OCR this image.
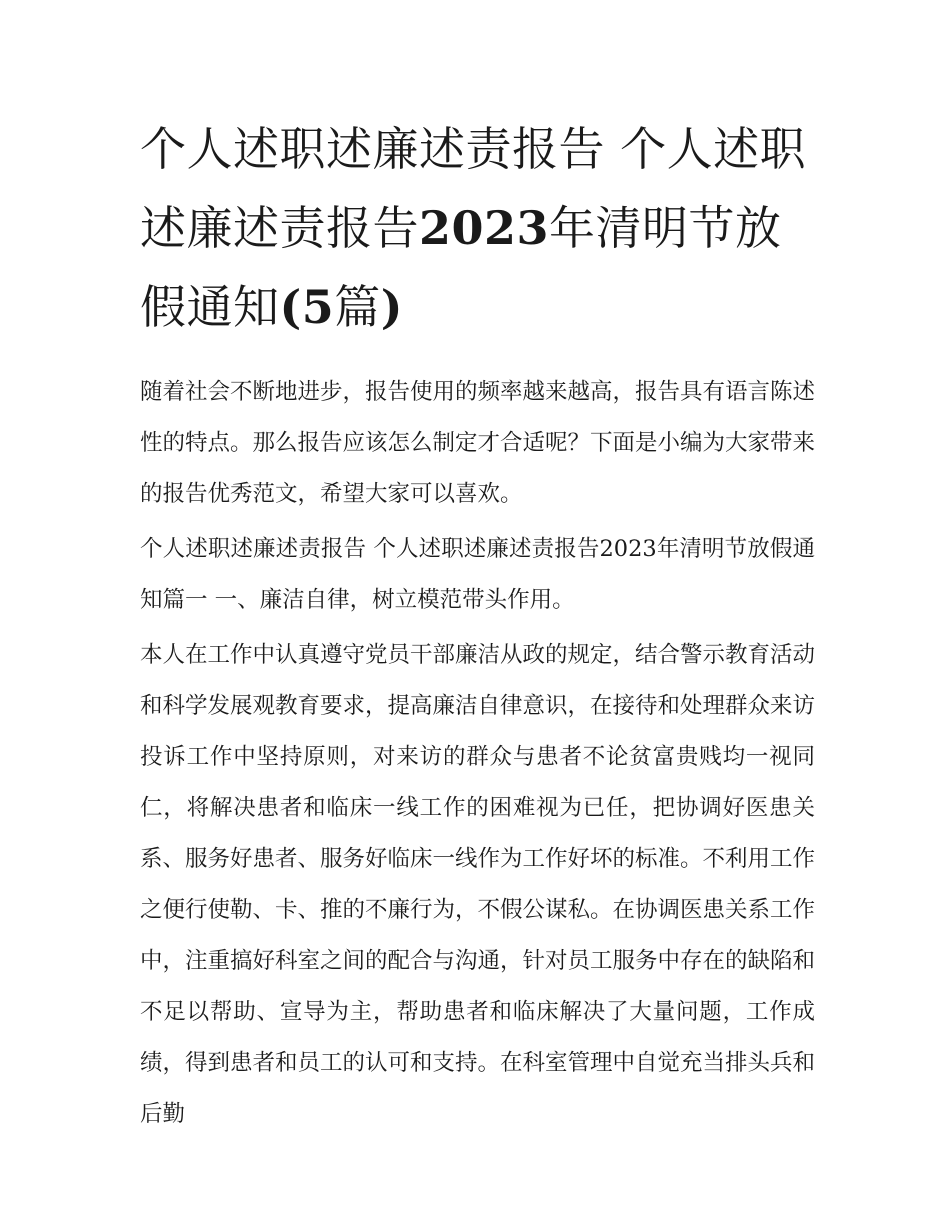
个人述职述廉述责报告 个人述职述廉述责报告2023年清明节放假通知(5篇)

随着社会不断地进步，报告使用的频率越来越高，报告具有语言陈述性的特点。那么报告应该怎么制定才合适呢？下面是小编为大家带来的报告优秀范文，希望大家可以喜欢。

个人述职述廉述责报告 个人述职述廉述责报告2023年清明节放假通知篇一 一、廉洁自律，树立模范带头作用。

本人在工作中认真遵守党员干部廉洁从政的规定，结合警示教育活动和科学发展观教育要求，提高廉洁自律意识，在接待和处理群众来访投诉工作中坚持原则，对来访的群众与患者不论贫富贵贱均一视同仁，将解决患者和临床一线工作的困难视为已任，把协调好医患关系、服务好患者、服务好临床一线作为工作好坏的标准。不利用工作之便行使勒、卡、推的不廉行为，不假公谋私。在协调医患关系工作中，注重搞好科室之间的配合与沟通，针对员工服务中存在的缺陷和不足以帮助、宣导为主，帮助患者和临床解决了大量问题，工作成绩，得到患者和员工的认可和支持。在科室管理中自觉充当排头兵和后勤
